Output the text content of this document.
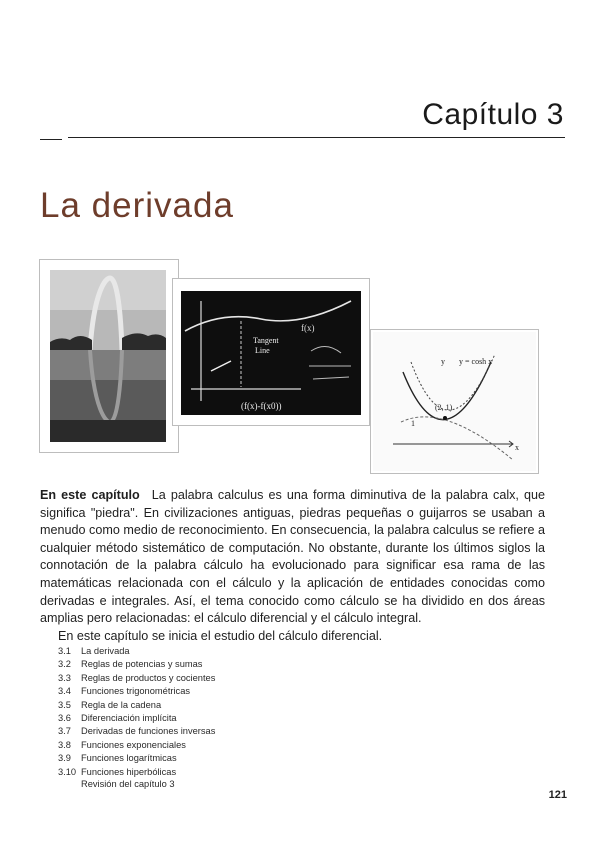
Capítulo 3
La derivada
Tangent
Line
f(x)
(f(x)-f(x0))
y y = cosh x
(2, 1)
1
x

En este capítulo La palabra calculus es una forma diminutiva de la palabra calx, que significa "piedra". En civilizaciones antiguas, piedras pequeñas o guijarros se usaban a menudo como medio de reconocimiento. En consecuencia, la palabra calculus se refiere a cualquier método sistemático de computación. No obstante, durante los últimos siglos la connotación de la palabra cálculo ha evolucionado para significar esa rama de las matemáticas relacionada con el cálculo y la aplicación de entidades conocidas como derivadas e integrales. Así, el tema conocido como cálculo se ha dividido en dos áreas amplias pero relacionadas: el cálculo diferencial y el cálculo integral.

En este capítulo se inicia el estudio del cálculo diferencial.

3.1	La derivada
3.2	Reglas de potencias y sumas
3.3	Reglas de productos y cocientes
3.4	Funciones trigonométricas
3.5	Regla de la cadena
3.6	Diferenciación implícita
3.7	Derivadas de funciones inversas
3.8	Funciones exponenciales
3.9	Funciones logarítmicas
3.10 Funciones hiperbólicas
Revisión del capítulo 3
121
